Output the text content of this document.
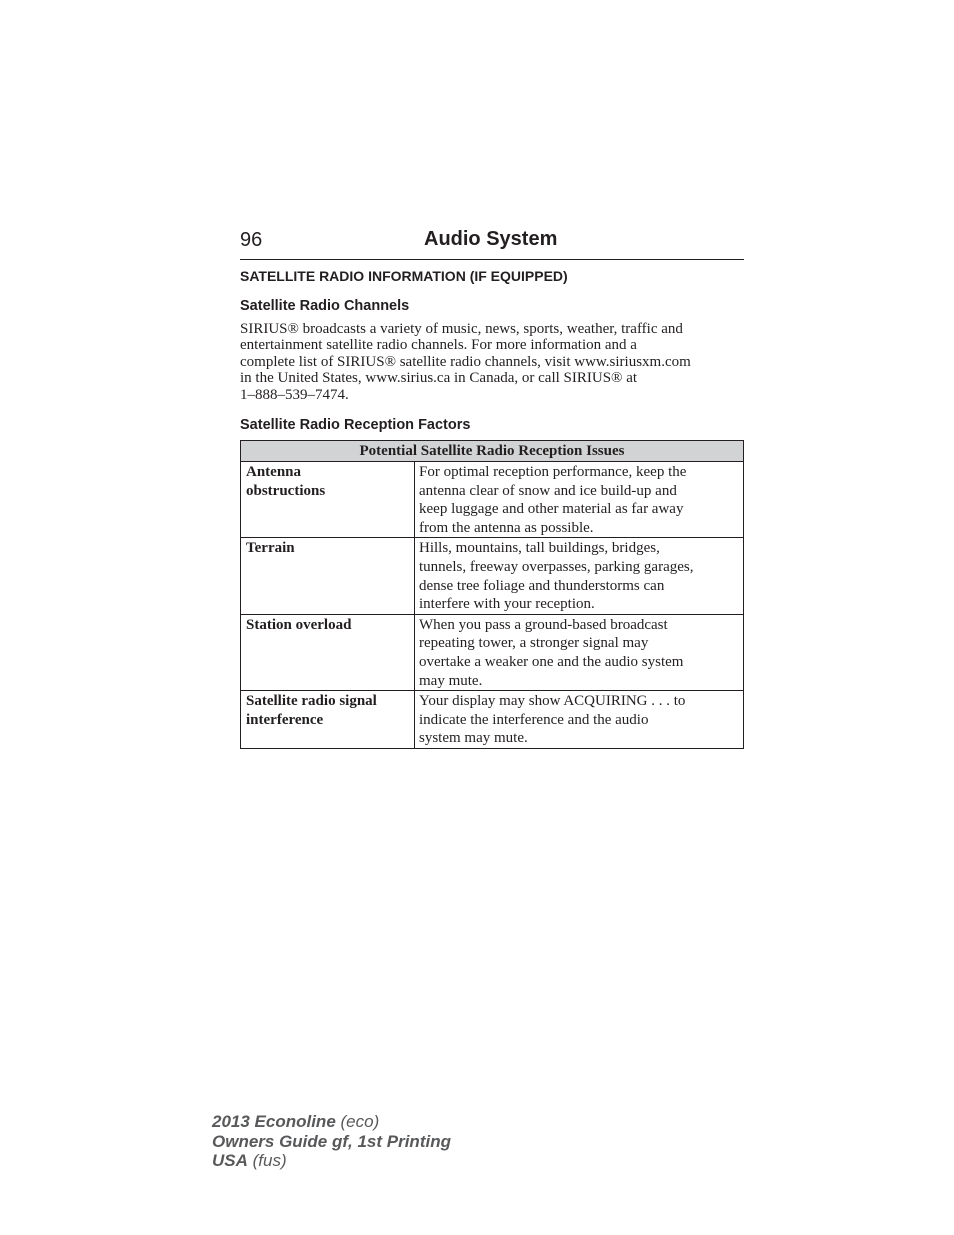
96	Audio System
SATELLITE RADIO INFORMATION (IF EQUIPPED)
Satellite Radio Channels

SIRIUS® broadcasts a variety of music, news, sports, weather, traffic and
entertainment satellite radio channels. For more information and a
complete list of SIRIUS® satellite radio channels, visit www.siriusxm.com
in the United States, www.sirius.ca in Canada, or call SIRIUS® at
1–888–539–7474.

Satellite Radio Reception Factors
Potential Satellite Radio Reception Issues	

Antenna
obstructions	For optimal reception performance, keep the
antenna clear of snow and ice build-up and
keep luggage and other material as far away
from the antenna as possible.

Terrain	Hills, mountains, tall buildings, bridges,
tunnels, freeway overpasses, parking garages,
dense tree foliage and thunderstorms can
interfere with your reception.

Station overload	When you pass a ground-based broadcast
repeating tower, a stronger signal may
overtake a weaker one and the audio system
may mute.

Satellite radio signal
interference	Your display may show ACQUIRING . . . to
indicate the interference and the audio
system may mute.
2013 Econoline (eco)
Owners Guide gf, 1st Printing
USA (fus)
